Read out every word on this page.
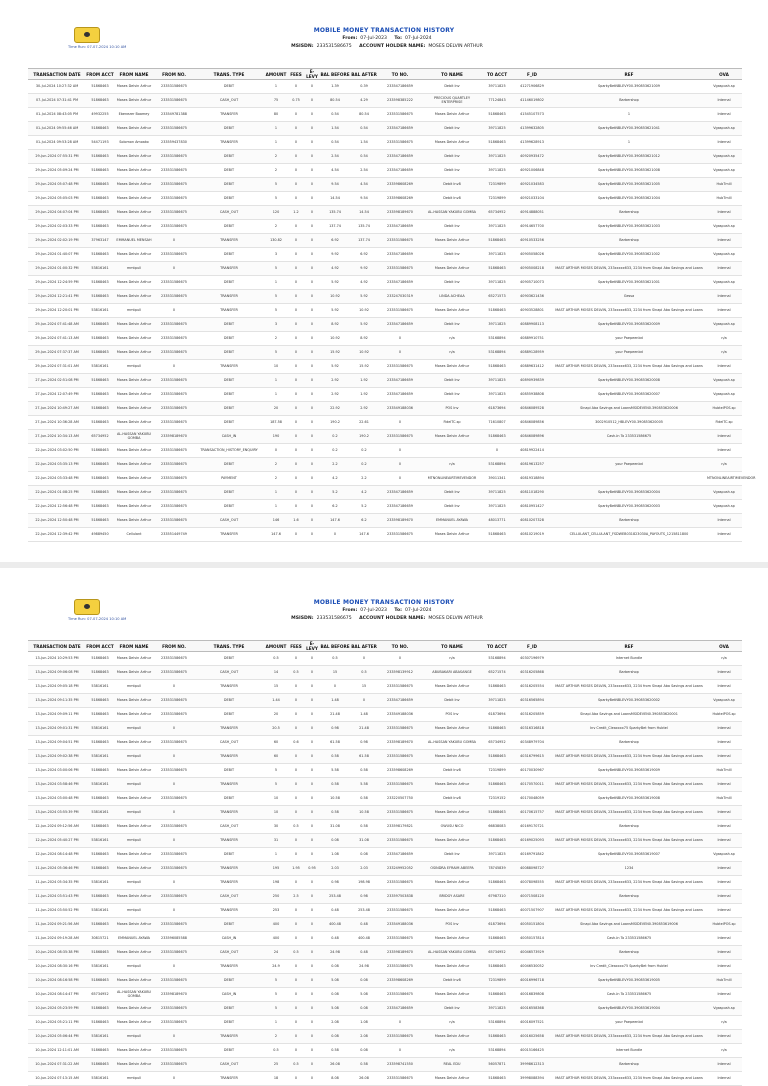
Time Run: 07-07-2024 10:10 AM
MOBILE MONEY TRANSACTION HISTORY
From: 07-Jul-2023 To: 07-Jul-2024
MSISDN: 233531586675 ACCOUNT HOLDER NAME: MOSES DELVIN ARTHUR
TRANSACTION DATE	FROM ACCT	FROM NAME	FROM NO.	TRANS. TYPE	AMOUNT	FEES	E-LEVY	BAL BEFORE	BAL AFTER	TO NO.	TO NAME	TO ACCT	F_ID	REF	OVA
30-Jul-2024 10:27:32 AM	51868463	Moses Delvin Arthur	233531586675	DEBIT	1	0	0	1.39	0.39	233547186659	Debit Inv	39711825	41271906829	SparkyBetNBLEVY00.390853621009	Vgaspush.sp
07-Jul-2024 07:31:41 PM	51868463	Moses Delvin Arthur	233531586675	CASH_OUT	75	0.75	0	80.54	4.29	233598385222	PRECIOUS QUARTLEY ENTERPRISE	77124843	41146019802	Barbershop	Internal
01-Jul-2024 08:43:05 PM	49932255	Ebenezer Boamey	233549781388	TRANSFER	80	0	0	0.54	80.54	233531586675	Moses Delvin Arthur	51868463	41545107573	1	Internal
01-Jul-2024 09:55:46 AM	51868463	Moses Delvin Arthur	233531586675	DEBIT	1	0	0	1.54	0.54	233547186659	Debit Inv	39711825	41399632805	SparkyBetNBLEVY00.390853621041	Vgaspush.sp
01-Jul-2024 09:53:28 AM	54471193	Solomon Amoako	233559437830	TRANSFER	1	0	0	0.54	1.54	233531586675	Moses Delvin Arthur	51868463	41399628913	1	Internal
29-Jun-2024 07:55:31 PM	51868463	Moses Delvin Arthur	233531586675	DEBIT	2	0	0	2.54	0.54	233547186659	Debit Inv	39711825	40920935472	SparkyBetNBLEVY00.390853621012	Vgaspush.sp
29-Jun-2024 05:09:24 PM	51868463	Moses Delvin Arthur	233531586675	DEBIT	2	0	0	4.54	2.54	233547186659	Debit Inv	39711825	40921006848	SparkyBetNBLEVY00.390853621008	Vgaspush.sp
29-Jun-2024 05:07:48 PM	51868463	Moses Delvin Arthur	233531586675	DEBIT	5	0	0	9.54	4.54	233598608269	Debit Inv8	72319899	40921034583	SparkyBetNBLEVY00.390853621005	HubTmill
29-Jun-2024 05:05:03 PM	51868463	Moses Delvin Arthur	233531586675	DEBIT	5	0	0	14.54	9.54	233598608269	Debit Inv8	72319899	40921033104	SparkyBetNBLEVY00.390853621004	HubTmill
29-Jun-2024 04:07:04 PM	51868463	Moses Delvin Arthur	233531586675	CASH_OUT	120	1.2	0	135.74	14.54	233598189670	AL-HASSAN YAKUBU GOMBA	65734952	40914888051	Barbershop	Internal
29-Jun-2024 02:03:33 PM	51868463	Moses Delvin Arthur	233531586675	DEBIT	2	0	0	137.74	135.74	233547186659	Debit Inv	39711825	40914657700	SparkyBetNBLEVY00.390853621003	Vgaspush.sp
29-Jun-2024 02:02:19 PM	37963147	EMMANUEL MENSAH	0	TRANSFER	130.82	0	0	6.92	137.74	233531586675	Moses Delvin Arthur	51868463	40910533256	Barbershop	Internal
29-Jun-2024 01:40:07 PM	51868463	Moses Delvin Arthur	233531586675	DEBIT	3	0	0	9.92	6.92	233547186659	Debit Inv	39711825	40905058026	SparkyBetNBLEVY00.390853621002	Vgaspush.sp
29-Jun-2024 01:00:32 PM	53816161	mmtpull	0	TRANSFER	5	0	0	4.92	9.92	233531586675	Moses Delvin Arthur	51868463	40905008218	MAST ARTHUR MOSES DELVIN, 233xxxxx633, 2234 from Sinapi Aba Savings and Loans	Internal
29-Jun-2024 12:24:59 PM	51868463	Moses Delvin Arthur	233531586675	DEBIT	1	0	0	5.92	4.92	233547186659	Debit Inv	39711825	40905710073	SparkyBetNBLEVY00.390853621001	Vgaspush.sp
29-Jun-2024 12:21:41 PM	51868463	Moses Delvin Arthur	233531586675	TRANSFER	5	0	0	10.92	5.92	233247030319	LINDA ACHEAA	65271573	40903621436	Gessa	Internal
29-Jun-2024 12:20:01 PM	53816161	mmtpull	0	TRANSFER	5	0	0	5.92	10.92	233531586675	Moses Delvin Arthur	51868463	40903528801	MAST ARTHUR MOSES DELVIN, 233xxxxx633, 2234 from Sinapi Aba Savings and Loans	Internal
29-Jun-2024 07:41:48 AM	51868463	Moses Delvin Arthur	233531586675	DEBIT	3	0	0	8.92	5.92	233547186659	Debit Inv	39711825	40889908113	SparkyBetNBLEVY00.390853620009	Vgaspush.sp
29-Jun-2024 07:41:13 AM	51868463	Moses Delvin Arthur	233531586675	DEBIT	2	0	0	10.92	8.92	0	n/a	53168894	40889910751	your Paepeenbd	n/a
29-Jun-2024 07:37:37 AM	51868463	Moses Delvin Arthur	233531586675	DEBIT	5	0	0	15.92	10.92	0	n/a	53168894	40889128959	your Paepeenbd	n/a
29-Jun-2024 07:31:01 AM	53816161	mmtpull	0	TRANSFER	10	0	0	5.92	15.92	233531586675	Moses Delvin Arthur	51868463	40889631412	MAST ARTHUR MOSES DELVIN, 233xxxxx633, 2234 from Sinapi Aba Savings and Loans	Internal
27-Jun-2024 02:51:08 PM	51868463	Moses Delvin Arthur	233531586675	DEBIT	1	0	0	2.92	1.92	233547186659	Debit Inv	39711825	40890939839	SparkyBetNBLEVY00.390853620008	Vgaspush.sp
27-Jun-2024 12:07:49 PM	51868463	Moses Delvin Arthur	233531586675	DEBIT	1	0	0	2.92	1.92	233547186659	Debit Inv	39711825	40855938808	SparkyBetNBLEVY00.390853620007	Vgaspush.sp
27-Jun-2024 10:49:27 AM	51868463	Moses Delvin Arthur	233531586675	DEBIT	20	0	0	22.92	2.92	233549188036	POS Inv	61873694	40846089528	Sinapi Aba Savings and LoansMSIDEVEN0.390853620006	HubtelPOS.sp
27-Jun-2024 10:36:28 AM	51868463	Moses Delvin Arthur	233531586675	DEBIT	187.58	0	0	190.2	22.61	0	FidelTC.sp	71610807	40846089856	3002910512_HBLEVY00.390853620005	FidelTC.sp
27-Jun-2024 10:34:13 AM	65734952	AL-HASSAN YAKUBU GOMBA	233598189670	CASH_IN	190	0	0	0.2	190.2	233531586675	Moses Delvin Arthur	51868463	40846089896	Cash-In To 233531586675	Internal
22-Jun-2024 03:02:50 PM	51868463	Moses Delvin Arthur	233531586675	TRANSACTION_HISTORY_ENQUIRY	0	0	0	0.2	0.2	0		0	40819922414		Internal
22-Jun-2024 03:35:13 PM	51868463	Moses Delvin Arthur	233531586675	DEBIT	2	0	0	2.2	0.2	0	n/a	53168894	40819613257	your Paepeenbd	n/a
22-Jun-2024 03:33:48 PM	51868463	Moses Delvin Arthur	233531586675	PAYMENT	2	0	0	4.2	2.2	0	MTNONLINEAIRTIMEVENDOR	39011341	40819318894		MTNONLINEAIRTIMEVENDOR
22-Jun-2024 01:08:25 PM	51868463	Moses Delvin Arthur	233531586675	DEBIT	1	0	0	5.2	4.2	233547186659	Debit Inv	39711825	40811018290	SparkyBetNBLEVY00.390853620004	Vgaspush.sp
22-Jun-2024 12:56:48 PM	51868463	Moses Delvin Arthur	233531586675	DEBIT	1	0	0	6.2	5.2	233547186659	Debit Inv	39711825	40810951427	SparkyBetNBLEVY00.390853620003	Vgaspush.sp
22-Jun-2024 12:50:48 PM	51868463	Moses Delvin Arthur	233531586675	CASH_OUT	146	1.6	0	147.6	6.2	233598189670	EMMANUEL AYAWA	48013771	40810207328	Barbershop	Internal
22-Jun-2024 12:39:42 PM	49889450	Cellulant	233551449749	TRANSFER	147.6	0	0	0	147.6	233531586675	Moses Delvin Arthur	51868463	40810219019	CELLULANT_CELLULANT_FSDWEB031823030A_PAYOUTS_1215811800	Internal
Time Run: 07-07-2024 10:10 AM
MOBILE MONEY TRANSACTION HISTORY
From: 07-Jul-2023 To: 07-Jul-2024
MSISDN: 233531586675 ACCOUNT HOLDER NAME: MOSES DELVIN ARTHUR
TRANSACTION DATE	FROM ACCT	FROM NAME	FROM NO.	TRANS. TYPE	AMOUNT	FEES	E-LEVY	BAL BEFORE	BAL AFTER	TO NO.	TO NAME	TO ACCT	F_ID	REF	OVA
13-Jun-2024 10:29:53 PM	51868463	Moses Delvin Arthur	233531586675	DEBIT	0.5	0	0	0.5	0	0	n/a	53168894	40307196979	Internet Bundle	n/a
13-Jun-2024 09:06:08 PM	51868463	Moses Delvin Arthur	233531586675	CASH_OUT	14	0.5	0	15	0.5	233598139912	ABUBAKARI ABASANGE	65271574	40316205868	Barbershop	Internal
13-Jun-2024 09:05:18 PM	53816161	mmtpull	0	TRANSFER	15	0	0	0	15	233531586675	Moses Delvin Arthur	51868463	40316205554	MAST ARTHUR MOSES DELVIN, 233xxxxx633, 2234 from Sinapi Aba Savings and Loans	Internal
13-Jun-2024 09:11:35 PM	51868463	Moses Delvin Arthur	233531586675	DEBIT	1.44	0	0	1.48	0	233547186659	Debit Inv	39711825	40316565894	SparkyBetNBLEVY00.390853620002	Vgaspush.sp
13-Jun-2024 09:09:11 PM	51868463	Moses Delvin Arthur	233531586675	DEBIT	20	0	0	21.48	1.48	233549188036	POS Inv	61873694	40316205859	Sinapi Aba Savings and LoansMSIDEVEN0.390853620001	HubtelPOS.sp
13-Jun-2024 09:01:31 PM	53816161	mmtpull	0	TRANSFER	20.5	0	0	0.98	21.48	233531586675	Moses Delvin Arthur	51868463	40316316818	Inv Credit_Cleaxxxx75 SparkyBet from Hubtel	Internal
13-Jun-2024 09:04:51 PM	51868463	Moses Delvin Arthur	233531586675	CASH_OUT	60	0.6	0	61.58	0.98	233598189670	AL-HASSAN YAKUBU GOMBA	65734952	40348979704	Barbershop	Internal
13-Jun-2024 09:02:38 PM	53816161	mmtpull	0	TRANSFER	60	0	0	0.58	61.58	233531586675	Moses Delvin Arthur	51868463	40316799615	MAST ARTHUR MOSES DELVIN, 233xxxxx633, 2234 from Sinapi Aba Savings and Loans	Internal
13-Jun-2024 03:00:06 PM	51868463	Moses Delvin Arthur	233531586675	DEBIT	5	0	0	5.58	0.58	233598608269	Debit Inv8	72319899	40170030967	SparkyBetNBLEVY00.390853619009	HubTmill
13-Jun-2024 03:58:46 PM	53816161	mmtpull	0	TRANSFER	5	0	0	0.58	5.58	233531586675	Moses Delvin Arthur	51868463	40170570011	MAST ARTHUR MOSES DELVIN, 233xxxxx633, 2234 from Sinapi Aba Savings and Loans	Internal
13-Jun-2024 03:00:48 PM	51868463	Moses Delvin Arthur	233531586675	DEBIT	10	0	0	10.58	0.58	233220507750	Debit Inv8	72319152	40170048059	SparkyBetNBLEVY00.390853619008	HubTmill
13-Jun-2024 03:55:39 PM	53816161	mmtpull	0	TRANSFER	10	0	0	0.58	10.58	233531586675	Moses Delvin Arthur	51868463	40170615757	MAST ARTHUR MOSES DELVIN, 233xxxxx633, 2234 from Sinapi Aba Savings and Loans	Internal
12-Jun-2024 09:12:56 AM	51868463	Moses Delvin Arthur	233531586675	CASH_OUT	30	0.5	0	31.08	0.58	233598179821	OWUSU NICO	66838083	40169170721	Barbershop	Internal
12-Jun-2024 05:40:27 PM	53816161	mmtpull	0	TRANSFER	31	0	0	0.08	31.08	233531586675	Moses Delvin Arthur	51868463	40169025093	MAST ARTHUR MOSES DELVIN, 233xxxxx633, 2234 from Sinapi Aba Savings and Loans	Internal
12-Jun-2024 08:14:48 PM	51868463	Moses Delvin Arthur	233531586675	DEBIT	1	0	0	1.08	0.08	233547186659	Debit Inv	39711825	40169791842	SparkyBetNBLEVY00.390853619007	Vgaspush.sp
11-Jun-2024 05:36:46 PM	51868463	Moses Delvin Arthur	233531586675	TRANSFER	195	1.95	0.95	2.03	2.03	233249952052	OSINDRA EFRAIM ABEEPA	78745839	40088098727	1234	Internal
11-Jun-2024 05:34:35 PM	53816161	mmtpull	0	TRANSFER	198	0	0	0.98	198.98	233531586675	Moses Delvin Arthur	51868463	40078098555	MAST ARTHUR MOSES DELVIN, 233xxxxx633, 2234 from Sinapi Aba Savings and Loans	Internal
11-Jun-2024 03:51:43 PM	51868463	Moses Delvin Arthur	233531586675	CASH_OUT	250	2.5	0	253.48	0.98	233597503838	BRIDGY ASARE	67987310	40071508120	Barbershop	Internal
11-Jun-2024 03:50:52 PM	53816161	mmtpull	0	TRANSFER	253	0	0	0.48	253.48	233531586675	Moses Delvin Arthur	51868463	40071507907	MAST ARTHUR MOSES DELVIN, 233xxxxx633, 2234 from Sinapi Aba Savings and Loans	Internal
11-Jun-2024 09:21:56 AM	51868463	Moses Delvin Arthur	233531586675	DEBIT	400	0	0	400.48	0.48	233549188036	POS Inv	61873694	40050151804	Sinapi Aba Savings and LoansMSIDEVEN0.390853619006	HubtelPOS.sp
11-Jun-2024 09:19:28 AM	30815721	EMMANUEL AYAWA	233596085588	CASH_IN	400	0	0	0.48	400.48	233531586675	Moses Delvin Arthur	51868463	40050157814	Cash-In To 233531586675	Internal
10-Jun-2024 08:35:38 PM	51868463	Moses Delvin Arthur	233531586675	CASH_OUT	24	0.5	0	24.98	0.48	233598189670	AL-HASSAN YAKUBU GOMBA	65734952	40046573929	Barbershop	Internal
10-Jun-2024 08:30:16 PM	53816161	mmtpull	0	TRANSFER	24.9	0	0	0.08	24.98	233531586675	Moses Delvin Arthur	51868463	40046530052	Inv Credit_Cleaxxxx75 SparkyBet from Hubtel	Internal
10-Jun-2024 08:16:58 PM	51868463	Moses Delvin Arthur	233531586675	DEBIT	5	0	0	5.08	0.08	233598608269	Debit Inv8	72319899	40016996718	SparkyBetNBLEVY00.390853619005	HubTmill
10-Jun-2024 08:14:47 PM	65734952	AL-HASSAN YAKUBU GOMBA	233598189670	CASH_IN	5	0	0	0.08	5.08	233531586675	Moses Delvin Arthur	51868463	40016839808	Cash-In To 233531586675	Internal
10-Jun-2024 05:23:59 PM	51868463	Moses Delvin Arthur	233531586675	DEBIT	5	0	0	5.08	0.08	233547186659	Debit Inv	39711825	40016558368	SparkyBetNBLEVY00.390853619004	Vgaspush.sp
10-Jun-2024 05:21:11 PM	51868463	Moses Delvin Arthur	233531586675	DEBIT	1	0	0	2.08	1.08	0	n/a	53168894	40016097521	your Paepeenbd	n/a
10-Jun-2024 05:06:44 PM	53816161	mmtpull	0	TRANSFER	2	0	0	0.08	2.08	233531586675	Moses Delvin Arthur	51868463	40016025658	MAST ARTHUR MOSES DELVIN, 233xxxxx633, 2234 from Sinapi Aba Savings and Loans	Internal
10-Jun-2024 12:11:01 AM	51868463	Moses Delvin Arthur	233531586675	DEBIT	0.5	0	0	0.58	0.08	0	n/a	53168894	40015166425	Internet Bundle	n/a
10-Jun-2024 07:31:22 AM	51868463	Moses Delvin Arthur	233531586675	CASH_OUT	25	0.5	0	26.08	0.58	233598741550	REAL EDU	56057871	39998612313	Barbershop	Internal
10-Jun-2024 07:13:15 AM	53816161	mmtpull	0	TRANSFER	18	0	0	8.08	26.08	233531586675	Moses Delvin Arthur	51868463	39998088394	MAST ARTHUR MOSES DELVIN, 233xxxxx633, 2234 from Sinapi Aba Savings and Loans	Internal
